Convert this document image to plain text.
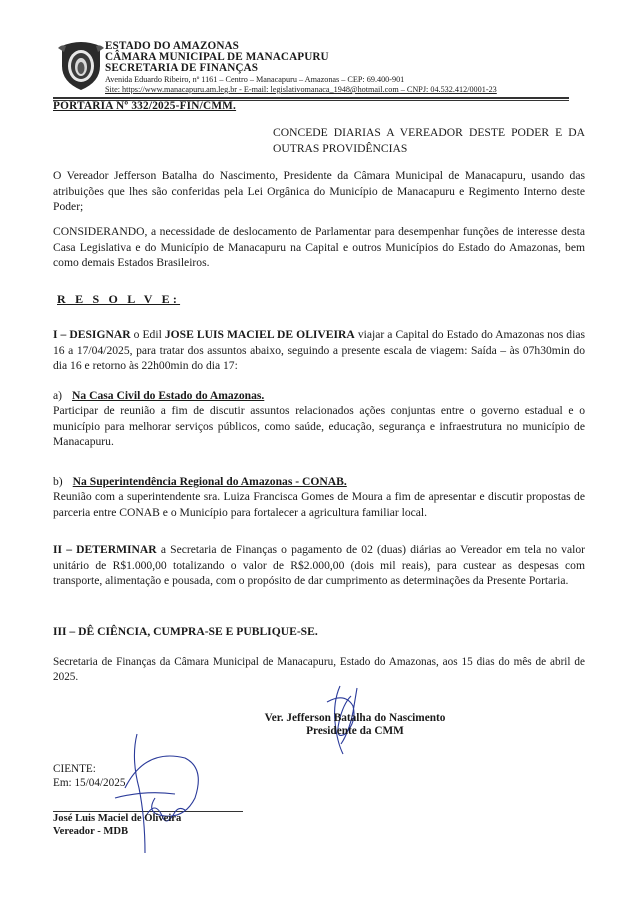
ESTADO DO AMAZONAS
CÂMARA MUNICIPAL DE MANACAPURU
SECRETARIA DE FINANÇAS
Avenida Eduardo Ribeiro, nº 1161 – Centro – Manacapuru – Amazonas – CEP: 69.400-901
Site: https://www.manacapuru.am.leg.br - E-mail: legislativomanaca_1948@hotmail.com – CNPJ: 04.532.412/0001-23
PORTARIA Nº 332/2025-FIN/CMM.
CONCEDE DIARIAS A VEREADOR DESTE PODER E DA OUTRAS PROVIDÊNCIAS
O Vereador Jefferson Batalha do Nascimento, Presidente da Câmara Municipal de Manacapuru, usando das atribuições que lhes são conferidas pela Lei Orgânica do Município de Manacapuru e Regimento Interno deste Poder;
CONSIDERANDO, a necessidade de deslocamento de Parlamentar para desempenhar funções de interesse desta Casa Legislativa e do Município de Manacapuru na Capital e outros Municípios do Estado do Amazonas, bem como demais Estados Brasileiros.
R E S O L V E:
I – DESIGNAR o Edil JOSE LUIS MACIEL DE OLIVEIRA viajar a Capital do Estado do Amazonas nos dias 16 a 17/04/2025, para tratar dos assuntos abaixo, seguindo a presente escala de viagem: Saída – às 07h30min do dia 16 e retorno às 22h00min do dia 17:
a) Na Casa Civil do Estado do Amazonas.
Participar de reunião a fim de discutir assuntos relacionados ações conjuntas entre o governo estadual e o município para melhorar serviços públicos, como saúde, educação, segurança e infraestrutura no município de Manacapuru.
b) Na Superintendência Regional do Amazonas - CONAB.
Reunião com a superintendente sra. Luiza Francisca Gomes de Moura a fim de apresentar e discutir propostas de parceria entre CONAB e o Município para fortalecer a agricultura familiar local.
II – DETERMINAR a Secretaria de Finanças o pagamento de 02 (duas) diárias ao Vereador em tela no valor unitário de R$1.000,00 totalizando o valor de R$2.000,00 (dois mil reais), para custear as despesas com transporte, alimentação e pousada, com o propósito de dar cumprimento as determinações da Presente Portaria.
III – DÊ CIÊNCIA, CUMPRA-SE E PUBLIQUE-SE.
Secretaria de Finanças da Câmara Municipal de Manacapuru, Estado do Amazonas, aos 15 dias do mês de abril de 2025.
Ver. Jefferson Batalha do Nascimento
Presidente da CMM
CIENTE:
Em: 15/04/2025
José Luis Maciel de Oliveira
Vereador - MDB
